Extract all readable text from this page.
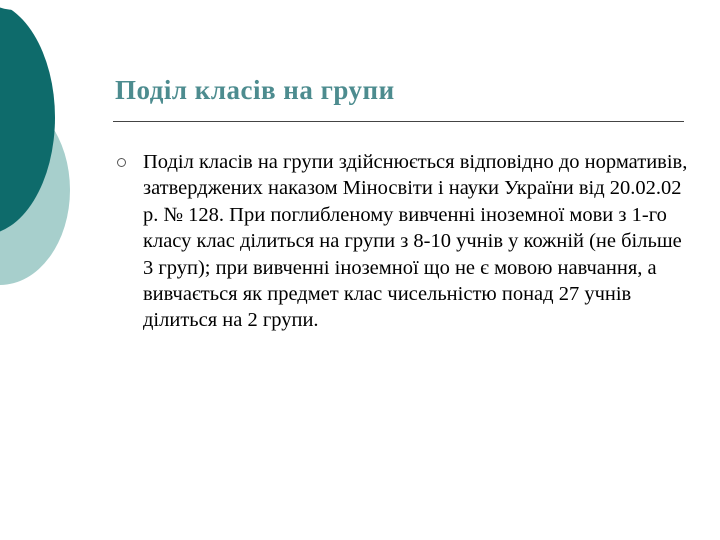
Поділ класів на групи

Поділ класів на групи здійснюється відповідно до нормативів, затверджених наказом Міносвіти і науки України від 20.02.02 р. № 128. При поглибленому вивченні іноземної мови з 1-го класу клас ділиться на групи з 8-10 учнів у кожній (не більше 3 груп); при вивченні іноземної що не є мовою навчання, а вивчається як предмет клас чисельністю понад 27 учнів ділиться на 2 групи.
